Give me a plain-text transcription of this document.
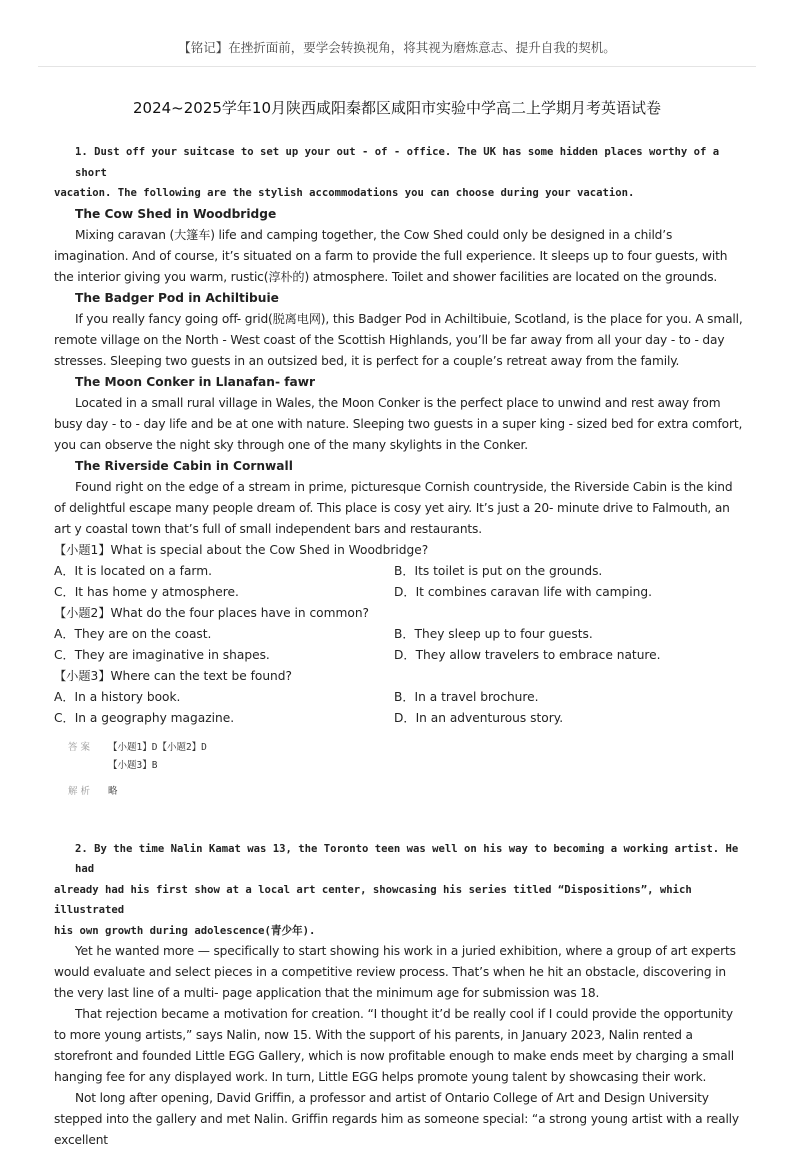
【铭记】在挫折面前，要学会转换视角，将其视为磨炼意志、提升自我的契机。
2024~2025学年10月陕西咸阳秦都区咸阳市实验中学高二上学期月考英语试卷
1. Dust off your suitcase to set up your out - of - office. The UK has some hidden places worthy of a short
vacation. The following are the stylish accommodations you can choose during your vacation.
The Cow Shed in Woodbridge
Mixing caravan (大篷车) life and camping together, the Cow Shed could only be designed in a child’s imagination. And of course, it’s situated on a farm to provide the full experience. It sleeps up to four guests, with the interior giving you warm, rustic(淳朴的) atmosphere. Toilet and shower facilities are located on the grounds.
The Badger Pod in Achiltibuie
If you really fancy going off- grid(脱离电网), this Badger Pod in Achiltibuie, Scotland, is the place for you. A small, remote village on the North - West coast of the Scottish Highlands, you’ll be far away from all your day - to - day stresses. Sleeping two guests in an outsized bed, it is perfect for a couple’s retreat away from the family.
The Moon Conker in Llanafan- fawr
Located in a small rural village in Wales, the Moon Conker is the perfect place to unwind and rest away from busy day - to - day life and be at one with nature. Sleeping two guests in a super king - sized bed for extra comfort, you can observe the night sky through one of the many skylights in the Conker.
The Riverside Cabin in Cornwall
Found right on the edge of a stream in prime, picturesque Cornish countryside, the Riverside Cabin is the kind of delightful escape many people dream of. This place is cosy yet airy. It’s just a 20- minute drive to Falmouth, an art y coastal town that’s full of small independent bars and restaurants.
【小题1】What is special about the Cow Shed in Woodbridge?
A．It is located on a farm.	B．Its toilet is put on the grounds.
C．It has home y atmosphere.	D．It combines caravan life with camping.
【小题2】What do the four places have in common?
A．They are on the coast.	B．They sleep up to four guests.
C．They are imaginative in shapes.	D．They allow travelers to embrace nature.
【小题3】Where can the text be found?
A．In a history book.	B．In a travel brochure.
C．In a geography magazine.	D．In an adventurous story.
答案	【小题1】D【小题2】D
【小题3】B
解析	略
2. By the time Nalin Kamat was 13, the Toronto teen was well on his way to becoming a working artist. He had
already had his first show at a local art center, showcasing his series titled “Dispositions”, which illustrated
his own growth during adolescence(青少年).
Yet he wanted more — specifically to start showing his work in a juried exhibition, where a group of art experts would evaluate and select pieces in a competitive review process. That’s when he hit an obstacle, discovering in the very last line of a multi- page application that the minimum age for submission was 18.
That rejection became a motivation for creation. “I thought it’d be really cool if I could provide the opportunity to more young artists,” says Nalin, now 15. With the support of his parents, in January 2023, Nalin rented a storefront and founded Little EGG Gallery, which is now profitable enough to make ends meet by charging a small hanging fee for any displayed work. In turn, Little EGG helps promote young talent by showcasing their work.
Not long after opening, David Griffin, a professor and artist of Ontario College of Art and Design University stepped into the gallery and met Nalin. Griffin regards him as someone special: “a strong young artist with a really excellent
